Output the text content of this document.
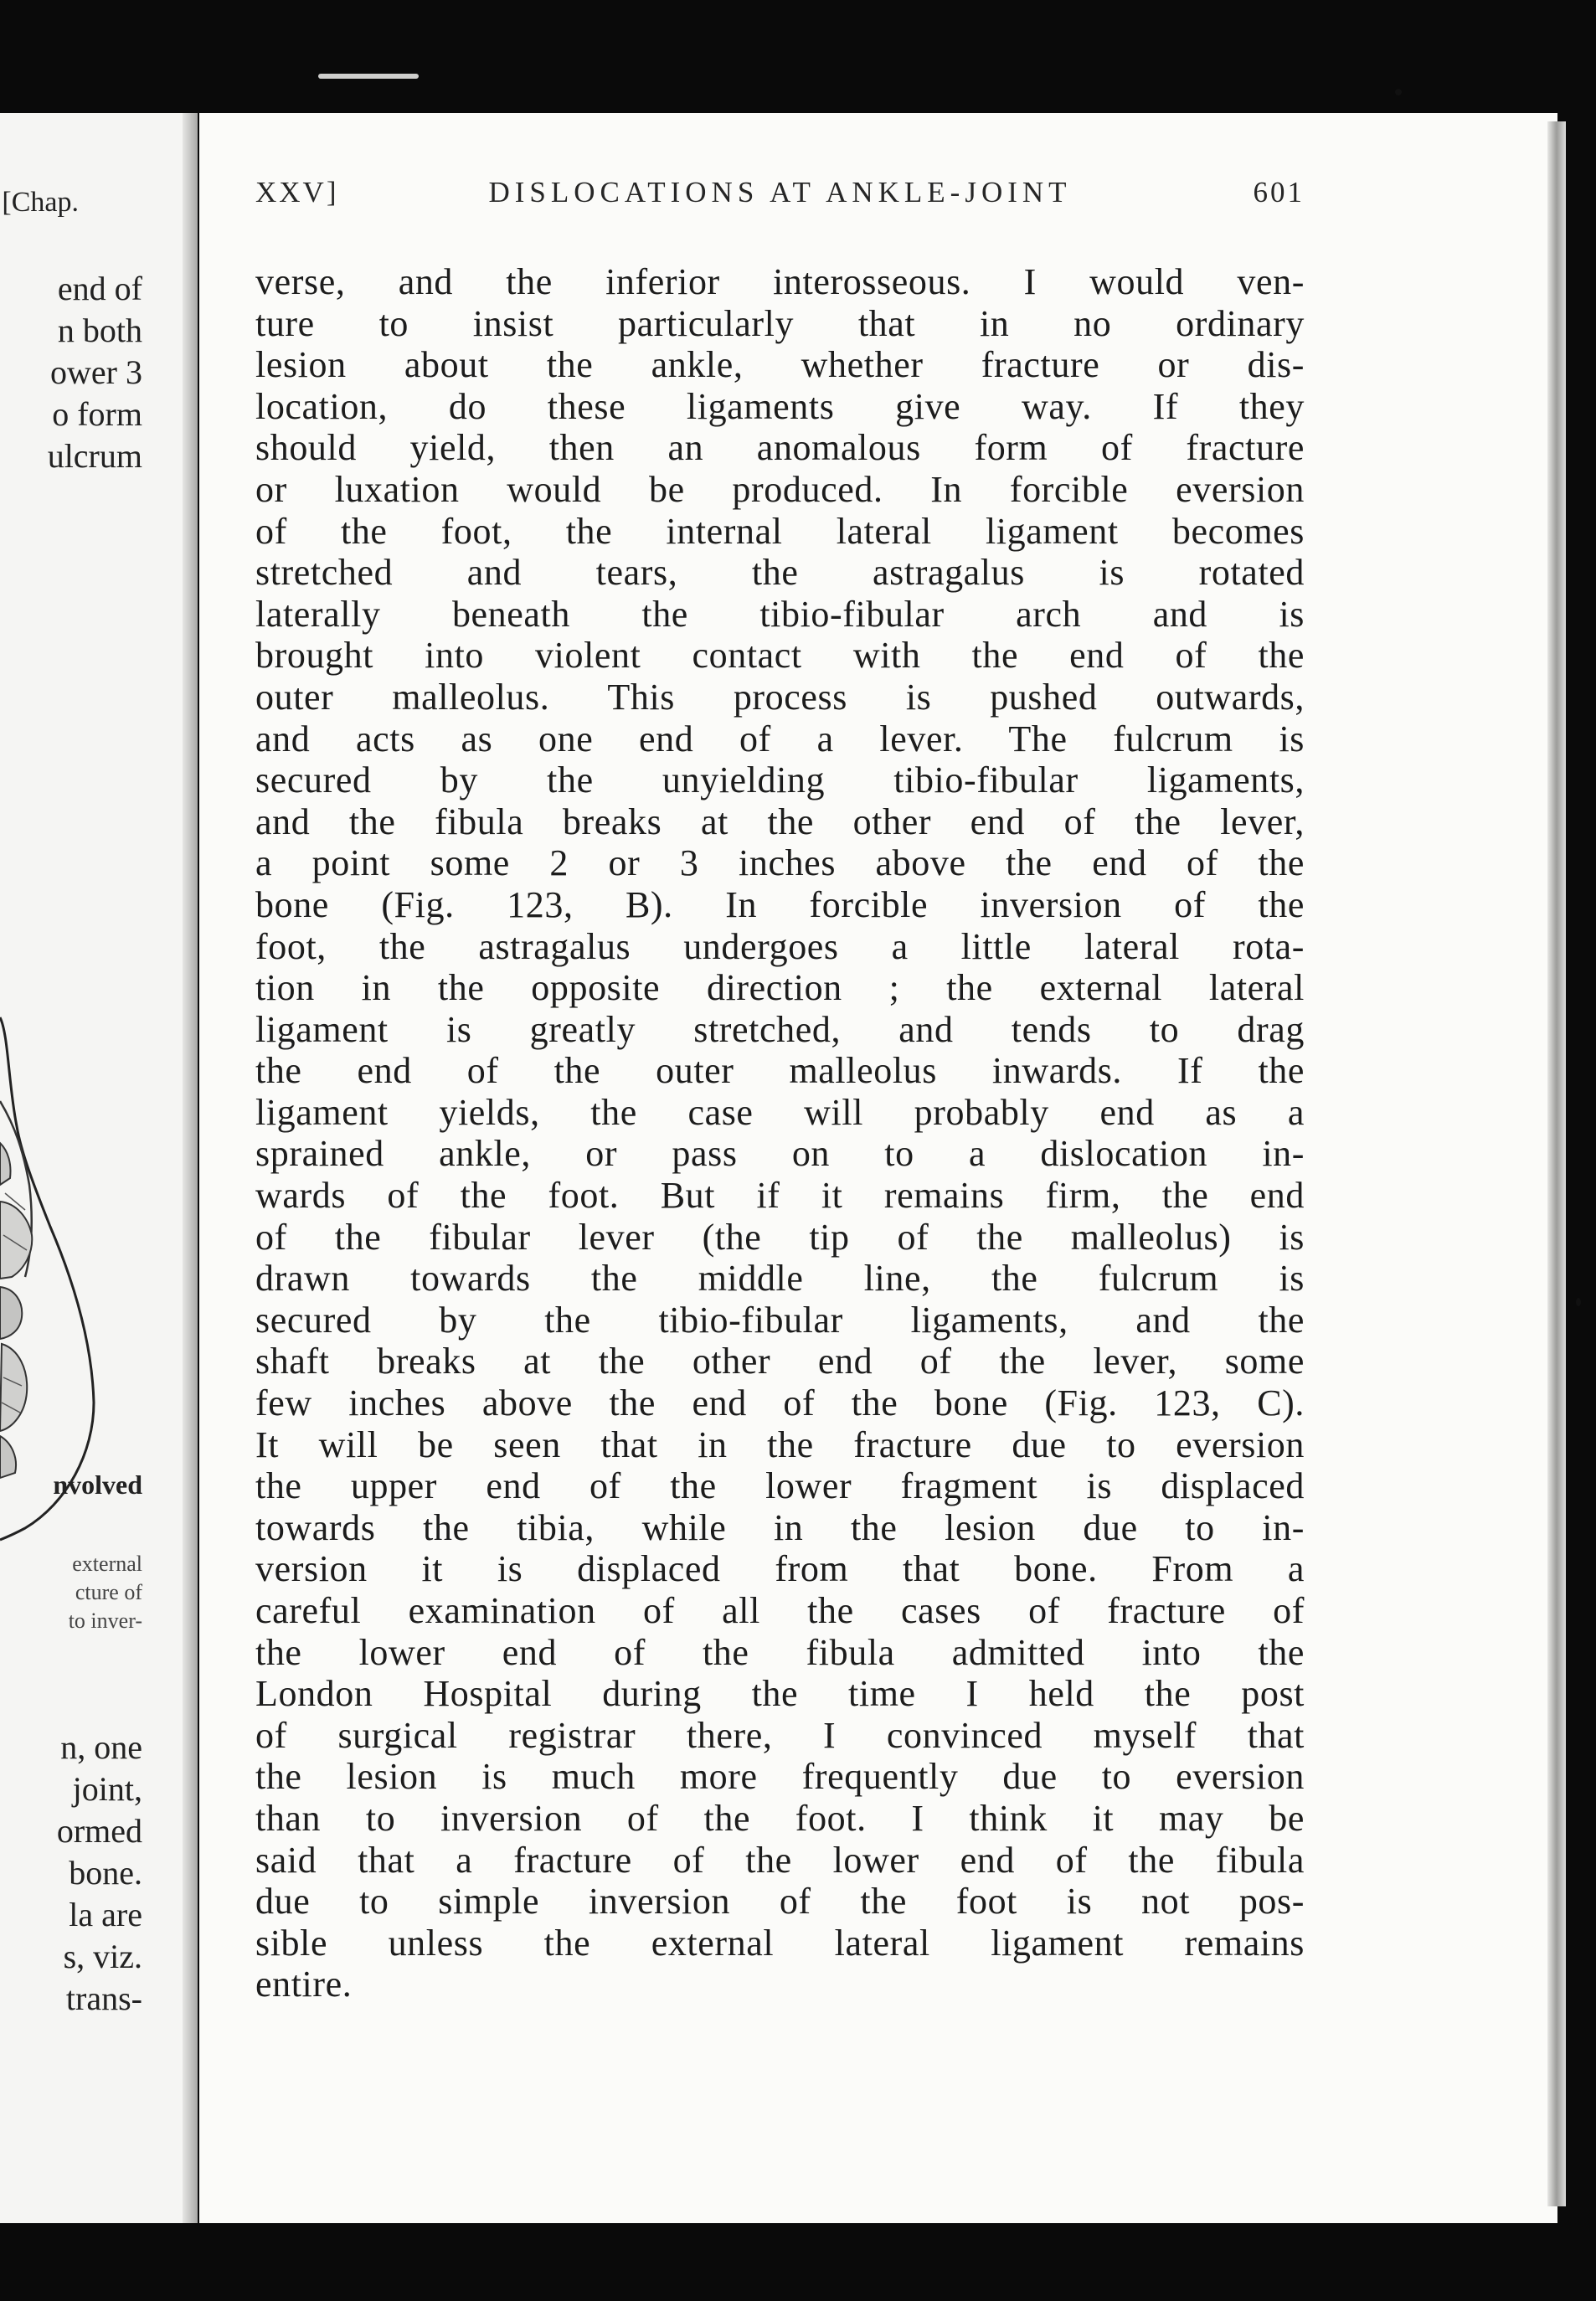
[Chap.
end of
n both
ower 3
o form
ulcrum
nvolved
external
cture of
to inver-
n, one
joint,
ormed
bone.
la are
s, viz.
trans-
XXV]	DISLOCATIONS AT ANKLE-JOINT	601
verse, and the inferior interosseous. I would ven-
ture to insist particularly that in no ordinary
lesion about the ankle, whether fracture or dis-
location, do these ligaments give way. If they
should yield, then an anomalous form of fracture
or luxation would be produced. In forcible eversion
of the foot, the internal lateral ligament becomes
stretched and tears, the astragalus is rotated
laterally beneath the tibio-fibular arch and is
brought into violent contact with the end of the
outer malleolus. This process is pushed outwards,
and acts as one end of a lever. The fulcrum is
secured by the unyielding tibio-fibular ligaments,
and the fibula breaks at the other end of the lever,
a point some 2 or 3 inches above the end of the
bone (Fig. 123, B). In forcible inversion of the
foot, the astragalus undergoes a little lateral rota-
tion in the opposite direction ; the external lateral
ligament is greatly stretched, and tends to drag
the end of the outer malleolus inwards. If the
ligament yields, the case will probably end as a
sprained ankle, or pass on to a dislocation in-
wards of the foot. But if it remains firm, the end
of the fibular lever (the tip of the malleolus) is
drawn towards the middle line, the fulcrum is
secured by the tibio-fibular ligaments, and the
shaft breaks at the other end of the lever, some
few inches above the end of the bone (Fig. 123, C).
It will be seen that in the fracture due to eversion
the upper end of the lower fragment is displaced
towards the tibia, while in the lesion due to in-
version it is displaced from that bone. From a
careful examination of all the cases of fracture of
the lower end of the fibula admitted into the
London Hospital during the time I held the post
of surgical registrar there, I convinced myself that
the lesion is much more frequently due to eversion
than to inversion of the foot. I think it may be
said that a fracture of the lower end of the fibula
due to simple inversion of the foot is not pos-
sible unless the external lateral ligament remains
entire.
